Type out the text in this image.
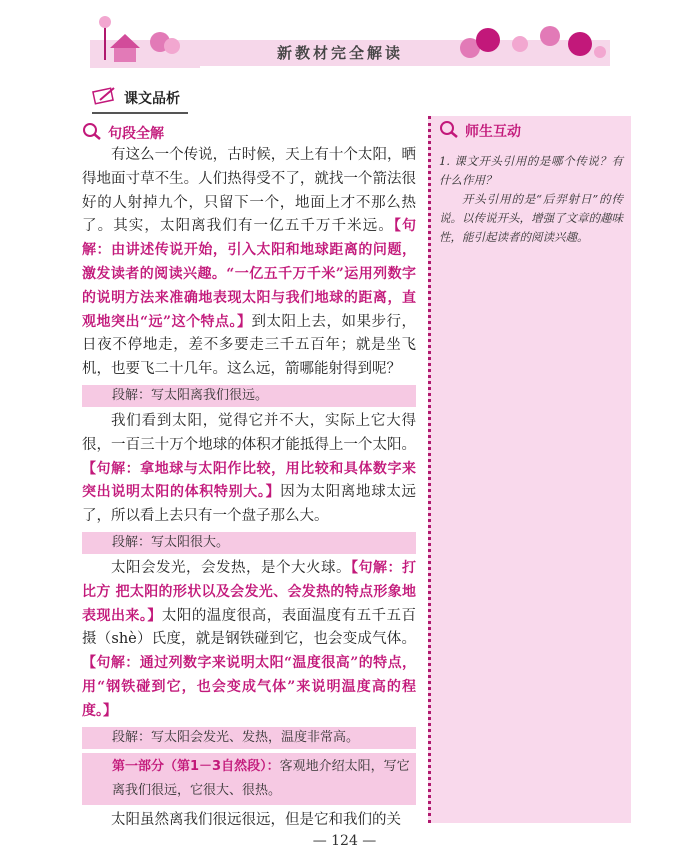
新教材完全解读
课文品析
句段全解

有这么一个传说，古时候，天上有十个太阳，晒得地面寸草不生。人们热得受不了，就找一个箭法很好的人射掉九个，只留下一个，地面上才不那么热了。其实，太阳离我们有一亿五千万千米远。【句解：由讲述传说开始，引入太阳和地球距离的问题，激发读者的阅读兴趣。“一亿五千万千米”运用列数字的说明方法来准确地表现太阳与我们地球的距离，直观地突出“远”这个特点。】到太阳上去，如果步行，日夜不停地走，差不多要走三千五百年；就是坐飞机，也要飞二十几年。这么远，箭哪能射得到呢？

段解：写太阳离我们很远。

我们看到太阳，觉得它并不大，实际上它大得很，一百三十万个地球的体积才能抵得上一个太阳。【句解：拿地球与太阳作比较，用比较和具体数字来突出说明太阳的体积特别大。】因为太阳离地球太远了，所以看上去只有一个盘子那么大。

段解：写太阳很大。

太阳会发光，会发热，是个大火球。【句解：打比方 把太阳的形状以及会发光、会发热的特点形象地表现出来。】太阳的温度很高，表面温度有五千五百摄（shè）氏度，就是钢铁碰到它，也会变成气体。【句解：通过列数字来说明太阳“温度很高”的特点，用“钢铁碰到它，也会变成气体”来说明温度高的程度。】

段解：写太阳会发光、发热，温度非常高。
第一部分（第1－3自然段）：客观地介绍太阳，写它离我们很远，它很大、很热。

太阳虽然离我们很远很远，但是它和我们的关

师生互动

1. 课文开头引用的是哪个传说？有什么作用？

开头引用的是“后羿射日”的传说。以传说开头，增强了文章的趣味性，能引起读者的阅读兴趣。

— 124 —
